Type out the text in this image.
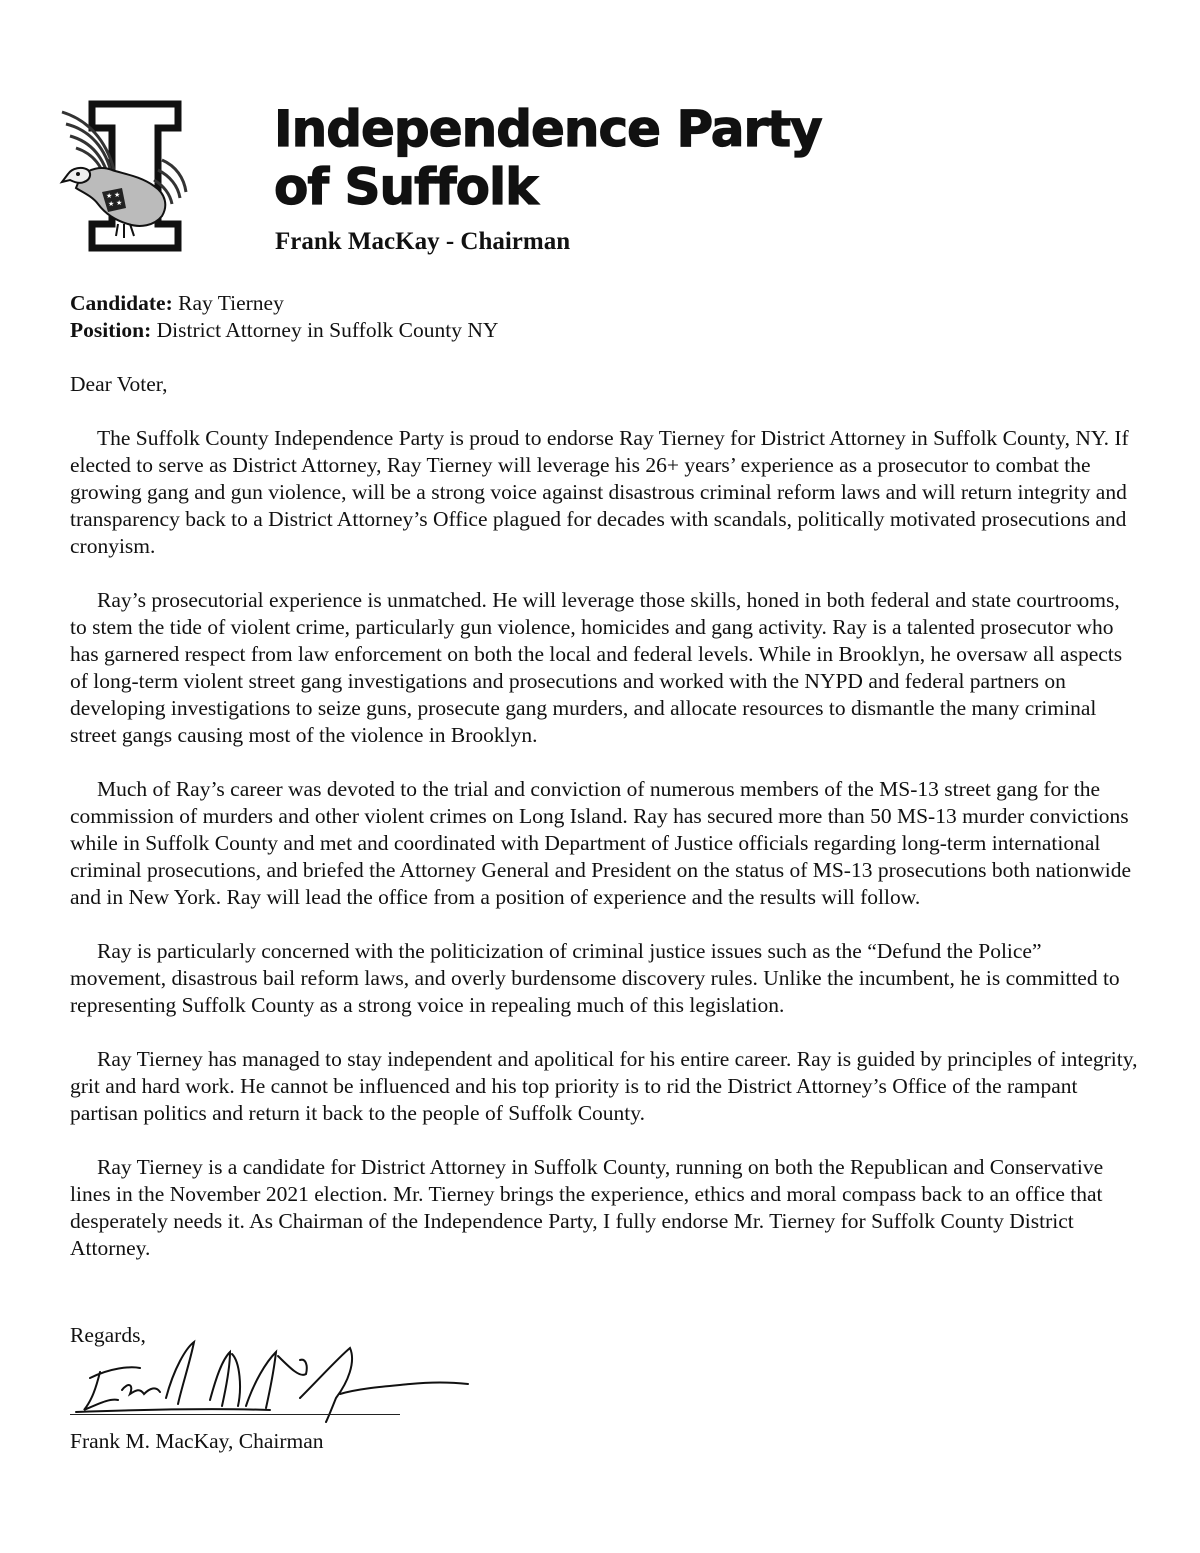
★ ★
★ ★
Independence Party
of Suffolk
Frank MacKay - Chairman

Candidate: Ray Tierney

Position: District Attorney in Suffolk County NY

Dear Voter,

The Suffolk County Independence Party is proud to endorse Ray Tierney for District Attorney in Suffolk County, NY. If elected to serve as District Attorney, Ray Tierney will leverage his 26+ years’ experience as a prosecutor to combat the growing gang and gun violence, will be a strong voice against disastrous criminal reform laws and will return integrity and transparency back to a District Attorney’s Office plagued for decades with scandals, politically motivated prosecutions and cronyism.

Ray’s prosecutorial experience is unmatched. He will leverage those skills, honed in both federal and state courtrooms, to stem the tide of violent crime, particularly gun violence, homicides and gang activity. Ray is a talented prosecutor who has garnered respect from law enforcement on both the local and federal levels. While in Brooklyn, he oversaw all aspects of long-term violent street gang investigations and prosecutions and worked with the NYPD and federal partners on developing investigations to seize guns, prosecute gang murders, and allocate resources to dismantle the many criminal street gangs causing most of the violence in Brooklyn.

Much of Ray’s career was devoted to the trial and conviction of numerous members of the MS-13 street gang for the commission of murders and other violent crimes on Long Island. Ray has secured more than 50 MS-13 murder convictions while in Suffolk County and met and coordinated with Department of Justice officials regarding long-term international criminal prosecutions, and briefed the Attorney General and President on the status of MS-13 prosecutions both nationwide and in New York. Ray will lead the office from a position of experience and the results will follow.

Ray is particularly concerned with the politicization of criminal justice issues such as the “Defund the Police” movement, disastrous bail reform laws, and overly burdensome discovery rules. Unlike the incumbent, he is committed to representing Suffolk County as a strong voice in repealing much of this legislation.

Ray Tierney has managed to stay independent and apolitical for his entire career. Ray is guided by principles of integrity, grit and hard work. He cannot be influenced and his top priority is to rid the District Attorney’s Office of the rampant partisan politics and return it back to the people of Suffolk County.

Ray Tierney is a candidate for District Attorney in Suffolk County, running on both the Republican and Conservative lines in the November 2021 election. Mr. Tierney brings the experience, ethics and moral compass back to an office that desperately needs it. As Chairman of the Independence Party, I fully endorse Mr. Tierney for Suffolk County District Attorney.

Regards,
Frank M. MacKay, Chairman
